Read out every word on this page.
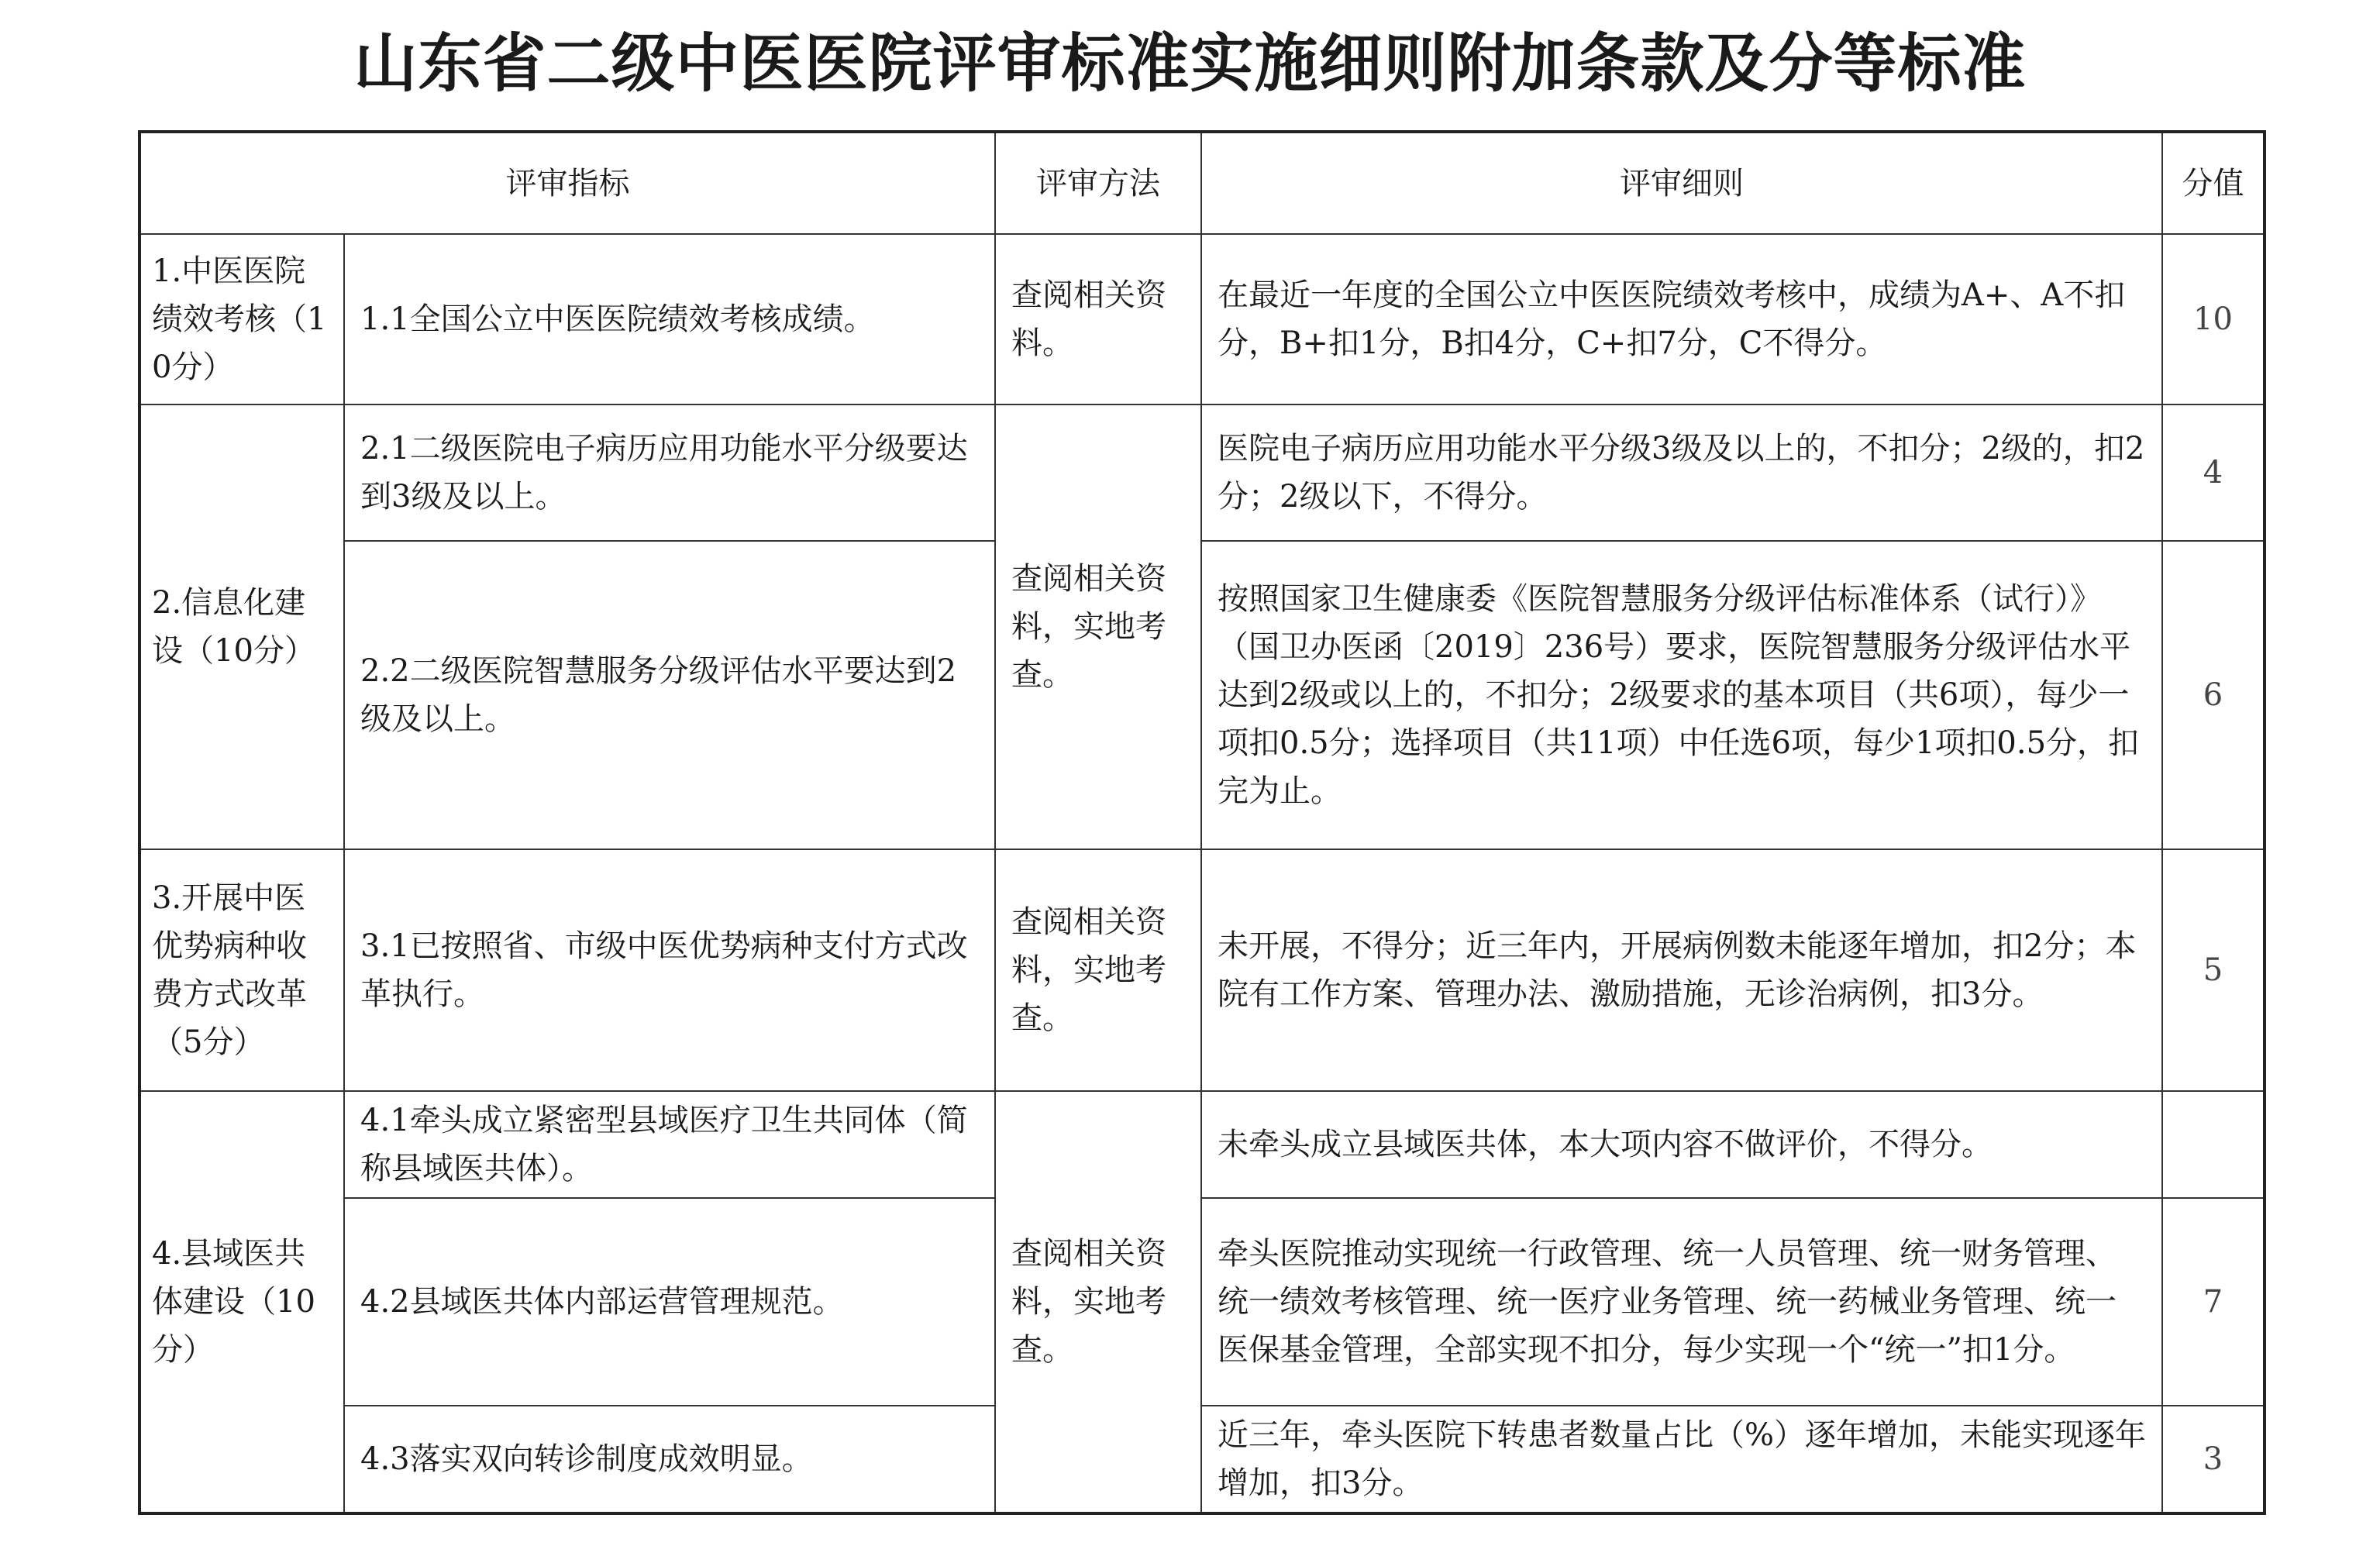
山东省二级中医医院评审标准实施细则附加条款及分等标准
评审指标		评审方法	评审细则	分值
1.中医医院绩效考核（10分）	1.1全国公立中医医院绩效考核成绩。	查阅相关资料。	在最近一年度的全国公立中医医院绩效考核中，成绩为A+、A不扣分，B+扣1分，B扣4分，C+扣7分，C不得分。	10
2.信息化建设（10分）	2.1二级医院电子病历应用功能水平分级要达到3级及以上。	查阅相关资料，实地考查。	医院电子病历应用功能水平分级3级及以上的，不扣分；2级的，扣2分；2级以下，不得分。	4
	2.2二级医院智慧服务分级评估水平要达到2级及以上。		按照国家卫生健康委《医院智慧服务分级评估标准体系（试行）》（国卫办医函〔2019〕236号）要求，医院智慧服务分级评估水平达到2级或以上的，不扣分；2级要求的基本项目（共6项），每少一项扣0.5分；选择项目（共11项）中任选6项，每少1项扣0.5分，扣完为止。	6
3.开展中医优势病种收费方式改革（5分）	3.1已按照省、市级中医优势病种支付方式改革执行。	查阅相关资料，实地考查。	未开展，不得分；近三年内，开展病例数未能逐年增加，扣2分；本院有工作方案、管理办法、激励措施，无诊治病例，扣3分。	5
4.县域医共体建设（10分）	4.1牵头成立紧密型县域医疗卫生共同体（简称县域医共体）。	查阅相关资料，实地考查。	未牵头成立县域医共体，本大项内容不做评价，不得分。	
	4.2县域医共体内部运营管理规范。		牵头医院推动实现统一行政管理、统一人员管理、统一财务管理、统一绩效考核管理、统一医疗业务管理、统一药械业务管理、统一医保基金管理，全部实现不扣分，每少实现一个“统一”扣1分。	7
	4.3落实双向转诊制度成效明显。		近三年，牵头医院下转患者数量占比（%）逐年增加，未能实现逐年增加，扣3分。	3
